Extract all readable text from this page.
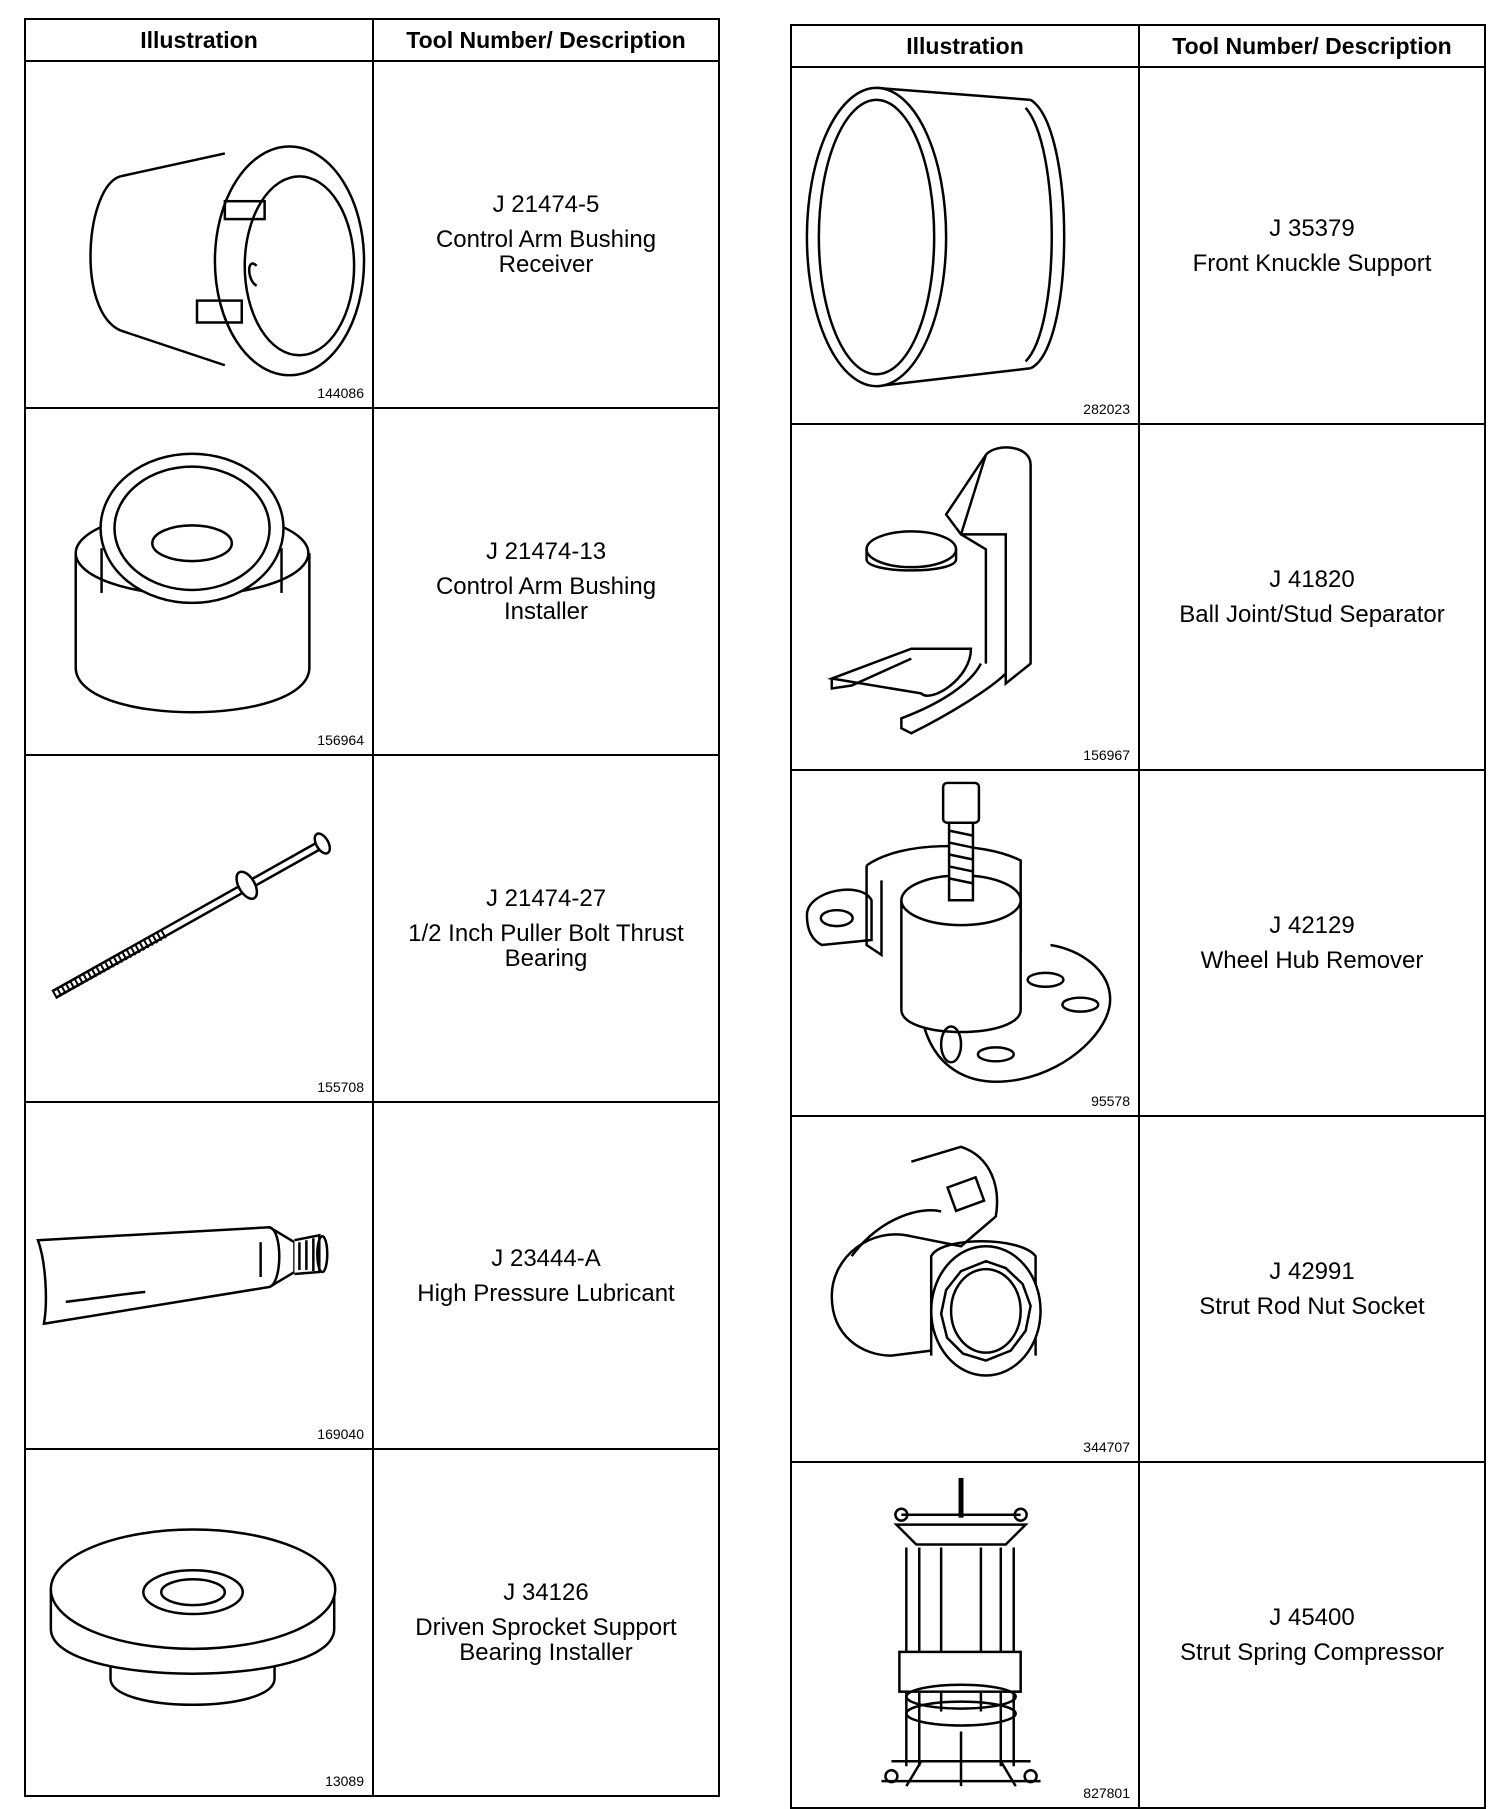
Illustration	Tool Number/ Description

144086	J 21474-5
Control Arm Bushing Receiver

156964	J 21474-13
Control Arm Bushing Installer

155708	J 21474-27
1/2 Inch Puller Bolt Thrust Bearing

169040	J 23444-A
High Pressure Lubricant

13089	J 34126
Driven Sprocket Support Bearing Installer
Illustration	Tool Number/ Description

282023	J 35379
Front Knuckle Support

156967	J 41820
Ball Joint/Stud Separator

95578	J 42129
Wheel Hub Remover

344707	J 42991
Strut Rod Nut Socket

827801	J 45400
Strut Spring Compressor
